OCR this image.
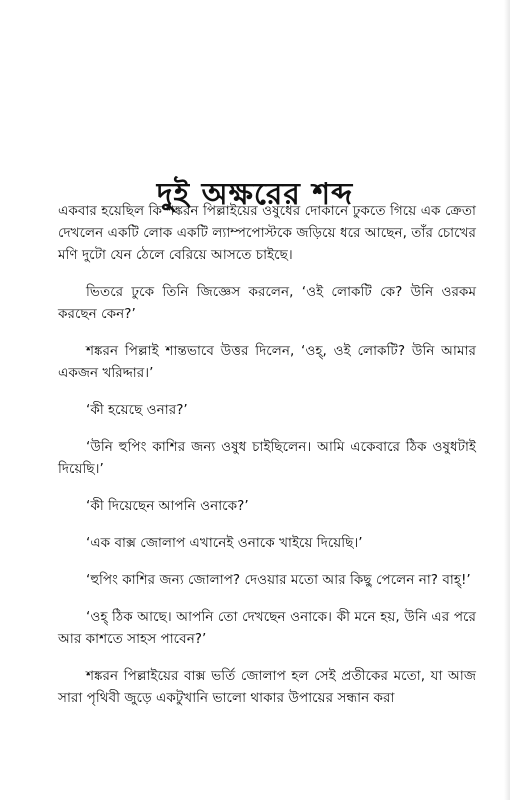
দুই অক্ষরের শব্দ

একবার হয়েছিল কি শঙ্করন পিল্লাইয়ের ওষুধের দোকানে ঢুকতে গিয়ে এক ক্রেতা দেখলেন একটি লোক একটি ল্যাম্পপোস্টকে জড়িয়ে ধরে আছেন, তাঁর চোখের মণি দুটো যেন ঠেলে বেরিয়ে আসতে চাইছে।

ভিতরে ঢুকে তিনি জিজ্ঞেস করলেন, ‘ওই লোকটি কে? উনি ওরকম করছেন কেন?’

শঙ্করন পিল্লাই শান্তভাবে উত্তর দিলেন, ‘ওহ্, ওই লোকটি? উনি আমার একজন খরিদ্দার।’

‘কী হয়েছে ওনার?’

‘উনি হুপিং কাশির জন্য ওষুধ চাইছিলেন। আমি একেবারে ঠিক ওষুধটাই দিয়েছি।’

‘কী দিয়েছেন আপনি ওনাকে?’

‘এক বাক্স জোলাপ এখানেই ওনাকে খাইয়ে দিয়েছি।’

‘হুপিং কাশির জন্য জোলাপ? দেওয়ার মতো আর কিছু পেলেন না? বাহ্!’

‘ওহ্ ঠিক আছে। আপনি তো দেখছেন ওনাকে। কী মনে হয়, উনি এর পরে আর কাশতে সাহস পাবেন?’

শঙ্করন পিল্লাইয়ের বাক্স ভর্তি জোলাপ হল সেই প্রতীকের মতো, যা আজ সারা পৃথিবী জুড়ে একটুখানি ভালো থাকার উপায়ের সন্ধান করা
